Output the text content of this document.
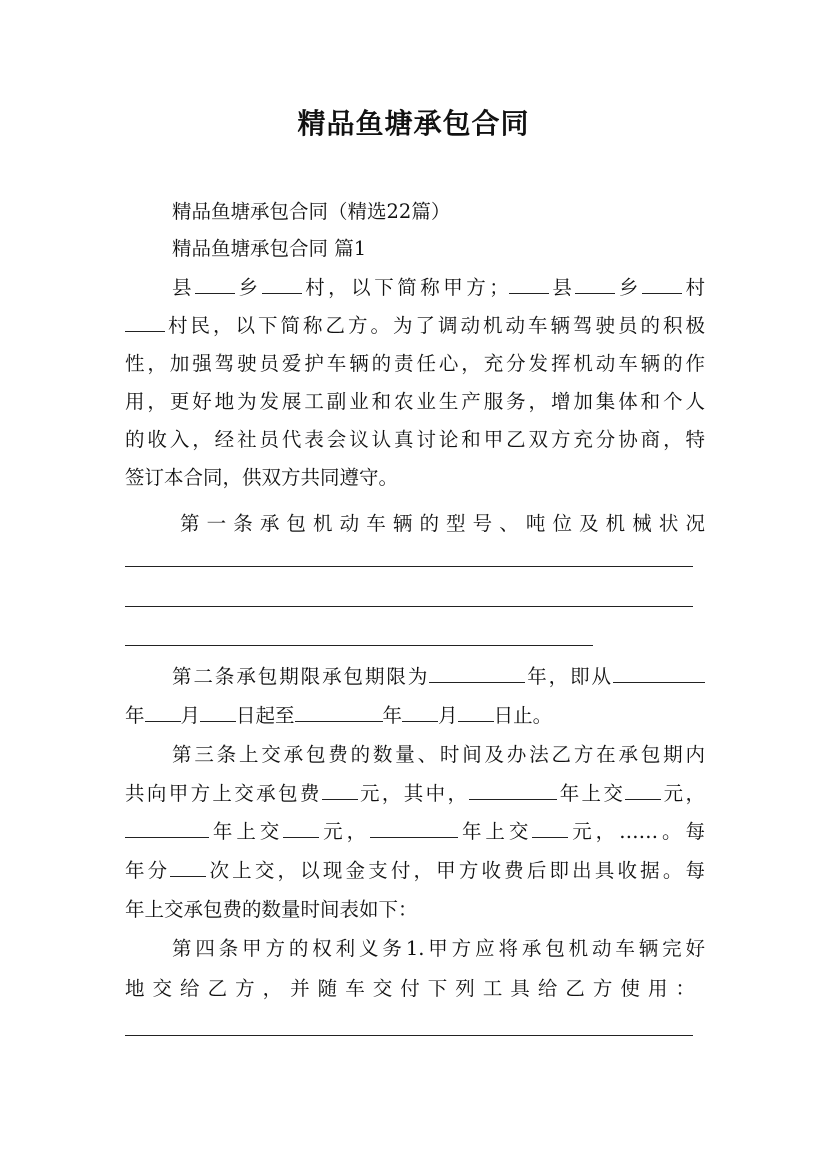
精品鱼塘承包合同
精品鱼塘承包合同（精选22篇）
精品鱼塘承包合同 篇1
县 乡 村，以下简称甲方； 县 乡 村
村民，以下简称乙方。为了调动机动车辆驾驶员的积极
性，加强驾驶员爱护车辆的责任心，充分发挥机动车辆的作
用，更好地为发展工副业和农业生产服务，增加集体和个人
的收入，经社员代表会议认真讨论和甲乙双方充分协商，特
签订本合同，供双方共同遵守。
第一条承包机动车辆的型号、吨位及机械状况
第二条承包期限承包期限为	年，即从
年 月 日起至	年 月 日止。
第三条上交承包费的数量、时间及办法乙方在承包期内
共向甲方上交承包费 元，其中，	年上交 元，
年上交 元，	年上交 元，……。每
年分 次上交，以现金支付，甲方收费后即出具收据。每
年上交承包费的数量时间表如下：
第四条甲方的权利义务1.甲方应将承包机动车辆完好
地交给乙方，并随车交付下列工具给乙方使用：
